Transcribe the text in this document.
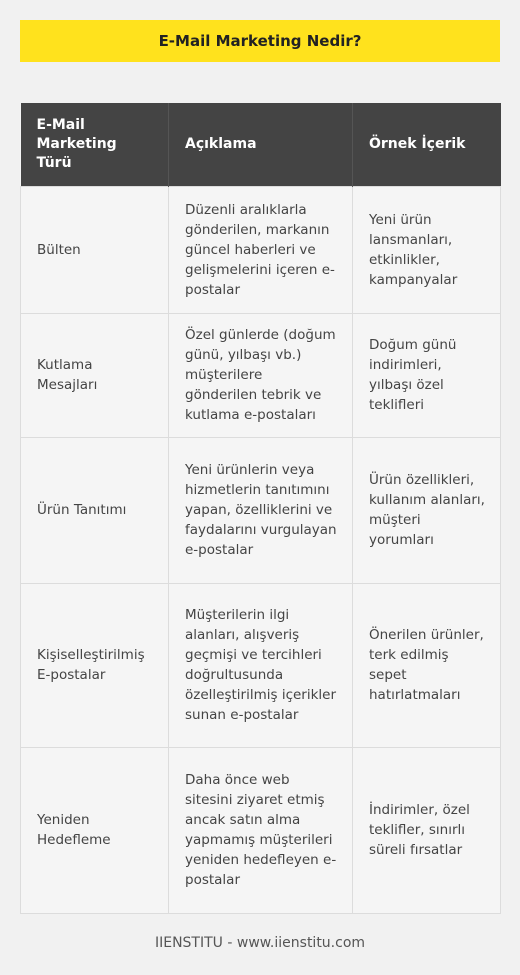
E-Mail Marketing Nedir?
E-Mail Marketing Türü	Açıklama	Örnek İçerik
Bülten	Düzenli aralıklarla gönderilen, markanın güncel haberleri ve gelişmelerini içeren e-postalar	Yeni ürün lansmanları, etkinlikler, kampanyalar
Kutlama Mesajları	Özel günlerde (doğum günü, yılbaşı vb.) müşterilere gönderilen tebrik ve kutlama e-postaları	Doğum günü indirimleri, yılbaşı özel teklifleri
Ürün Tanıtımı	Yeni ürünlerin veya hizmetlerin tanıtımını yapan, özelliklerini ve faydalarını vurgulayan e-postalar	Ürün özellikleri, kullanım alanları, müşteri yorumları
Kişiselleştirilmiş E-postalar	Müşterilerin ilgi alanları, alışveriş geçmişi ve tercihleri doğrultusunda özelleştirilmiş içerikler sunan e-postalar	Önerilen ürünler, terk edilmiş sepet hatırlatmaları
Yeniden Hedefleme	Daha önce web sitesini ziyaret etmiş ancak satın alma yapmamış müşterileri yeniden hedefleyen e-postalar	İndirimler, özel teklifler, sınırlı süreli fırsatlar
IIENSTITU - www.iienstitu.com
